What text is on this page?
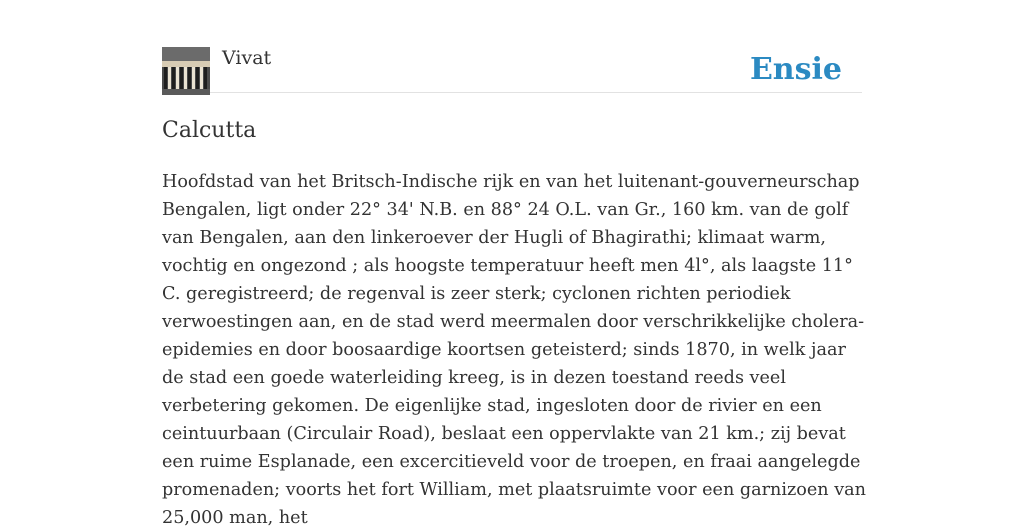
Vivat	Ensie
Calcutta

Hoofdstad van het Britsch-Indische rijk en van het luitenant-gouverneurschap Bengalen, ligt onder 22° 34' N.B. en 88° 24 O.L. van Gr., 160 km. van de golf van Bengalen, aan den linkeroever der Hugli of Bhagirathi; klimaat warm, vochtig en ongezond ; als hoogste temperatuur heeft men 4l°, als laagste 11° C. geregistreerd; de regenval is zeer sterk; cyclonen richten periodiek verwoestingen aan, en de stad werd meermalen door verschrikkelijke cholera-epidemies en door boosaardige koortsen geteisterd; sinds 1870, in welk jaar de stad een goede waterleiding kreeg, is in dezen toestand reeds veel verbetering gekomen. De eigenlijke stad, ingesloten door de rivier en een ceintuurbaan (Circulair Road), beslaat een oppervlakte van 21 km.; zij bevat een ruime Esplanade, een excercitieveld voor de troepen, en fraai aangelegde promenaden; voorts het fort William, met plaatsruimte voor een garnizoen van 25,000 man, het
